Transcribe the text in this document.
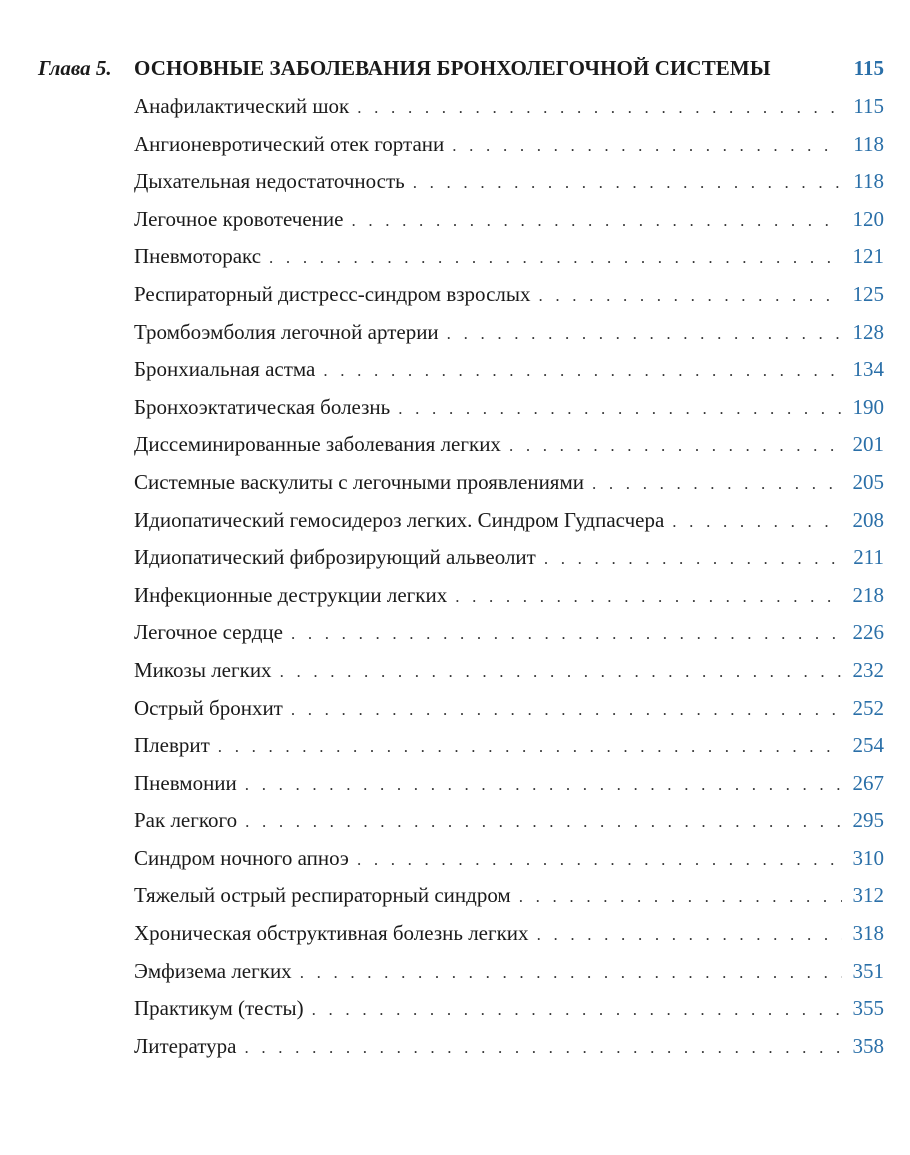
Глава 5.	ОСНОВНЫЕ ЗАБОЛЕВАНИЯ БРОНХОЛЕГОЧНОЙ СИСТЕМЫ	115
Анафилактический шок . . .	115
Ангионевротический отек гортани . . .	118
Дыхательная недостаточность . . .	118
Легочное кровотечение . . .	120
Пневмоторакс . . .	121
Респираторный дистресс-синдром взрослых . . .	125
Тромбоэмболия легочной артерии . . .	128
Бронхиальная астма . . .	134
Бронхоэктатическая болезнь . . .	190
Диссеминированные заболевания легких . . .	201
Системные васкулиты с легочными проявлениями . . .	205
Идиопатический гемосидероз легких. Синдром Гудпасчера . . .	208
Идиопатический фиброзирующий альвеолит . . .	211
Инфекционные деструкции легких . . .	218
Легочное сердце . . .	226
Микозы легких . . .	232
Острый бронхит . . .	252
Плеврит . . .	254
Пневмонии . . .	267
Рак легкого . . .	295
Синдром ночного апноэ . . .	310
Тяжелый острый респираторный синдром . . .	312
Хроническая обструктивная болезнь легких . . .	318
Эмфизема легких . . .	351
Практикум (тесты) . . .	355
Литература . . .	358
